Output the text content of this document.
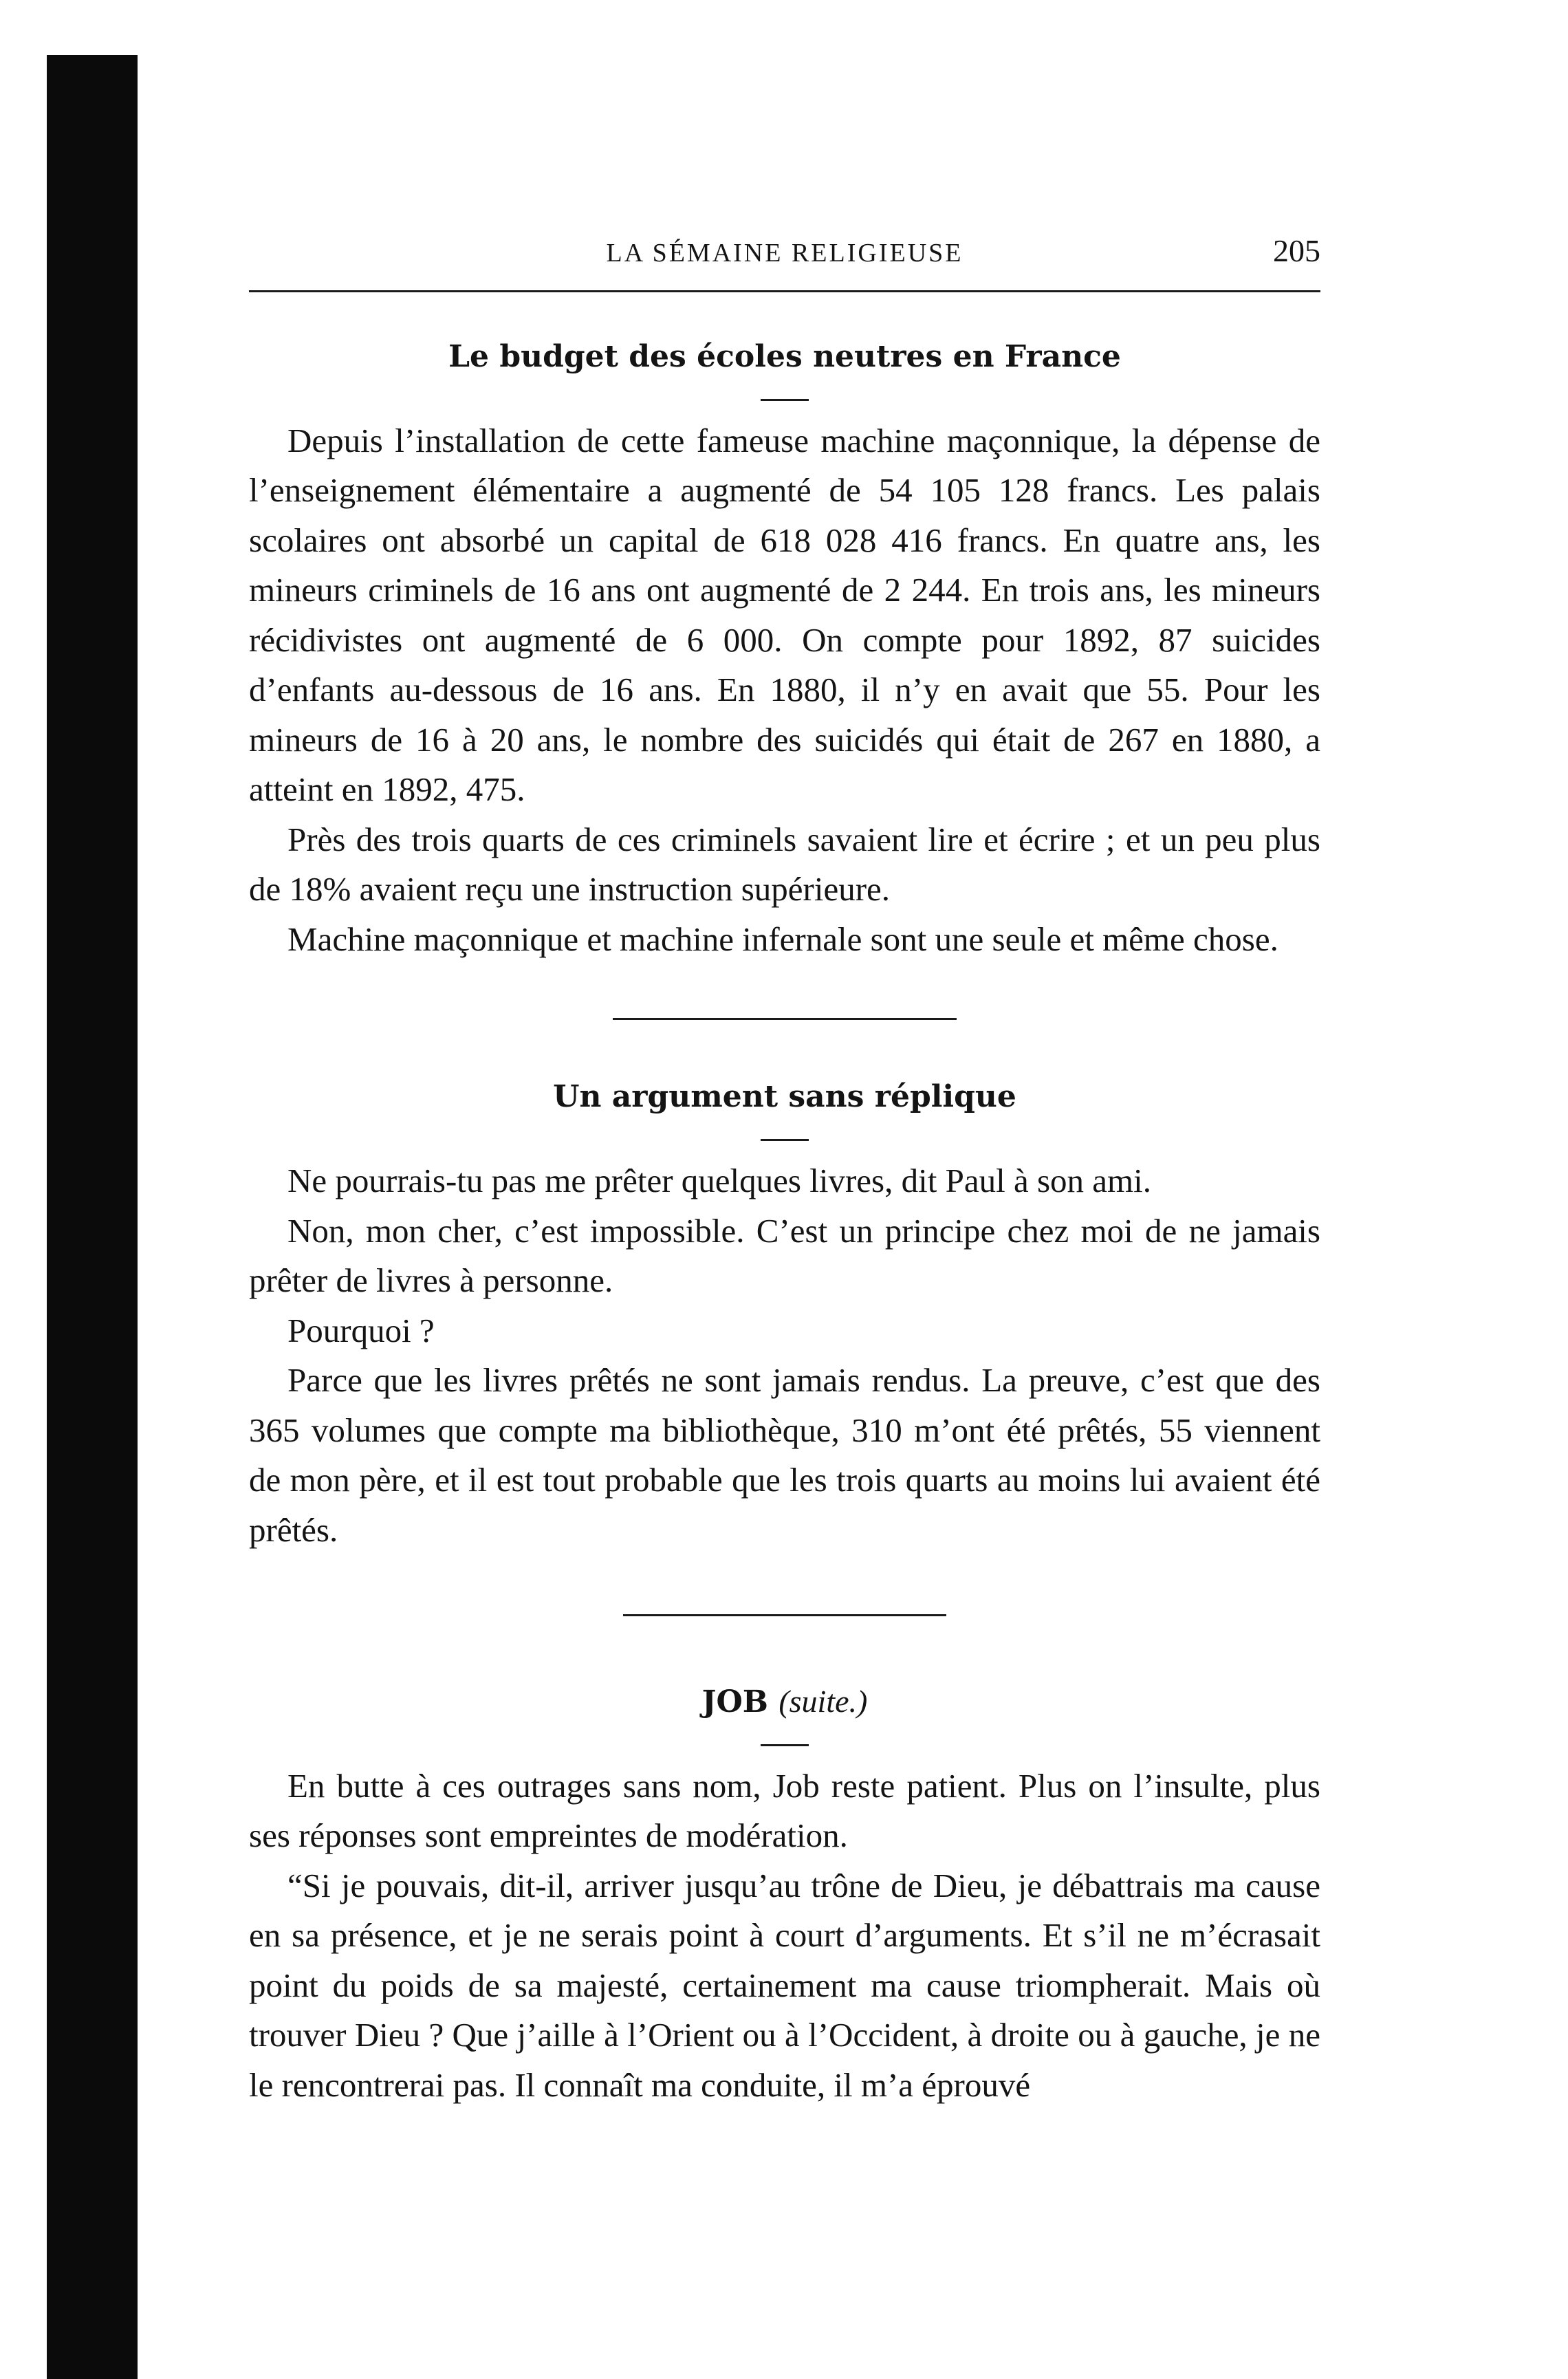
LA SÉMAINE RELIGIEUSE	205
Le budget des écoles neutres en France

Depuis l’installation de cette fameuse machine maçonnique, la dépense de l’enseignement élémentaire a augmenté de 54 105 128 francs. Les palais scolaires ont absorbé un capital de 618 028 416 francs. En quatre ans, les mineurs criminels de 16 ans ont augmenté de 2 244. En trois ans, les mineurs récidivistes ont augmenté de 6 000. On compte pour 1892, 87 suicides d’enfants au-dessous de 16 ans. En 1880, il n’y en avait que 55. Pour les mineurs de 16 à 20 ans, le nombre des suicidés qui était de 267 en 1880, a atteint en 1892, 475.

Près des trois quarts de ces criminels savaient lire et écrire ; et un peu plus de 18% avaient reçu une instruction supérieure.

Machine maçonnique et machine infernale sont une seule et même chose.

Un argument sans réplique

Ne pourrais-tu pas me prêter quelques livres, dit Paul à son ami.

Non, mon cher, c’est impossible. C’est un principe chez moi de ne jamais prêter de livres à personne.

Pourquoi ?

Parce que les livres prêtés ne sont jamais rendus. La preuve, c’est que des 365 volumes que compte ma bibliothèque, 310 m’ont été prêtés, 55 viennent de mon père, et il est tout probable que les trois quarts au moins lui avaient été prêtés.

JOB (suite.)

En butte à ces outrages sans nom, Job reste patient. Plus on l’insulte, plus ses réponses sont empreintes de modération.

“Si je pouvais, dit-il, arriver jusqu’au trône de Dieu, je débattrais ma cause en sa présence, et je ne serais point à court d’arguments. Et s’il ne m’écrasait point du poids de sa majesté, certainement ma cause triompherait. Mais où trouver Dieu ? Que j’aille à l’Orient ou à l’Occident, à droite ou à gauche, je ne le rencontrerai pas. Il connaît ma conduite, il m’a éprouvé
